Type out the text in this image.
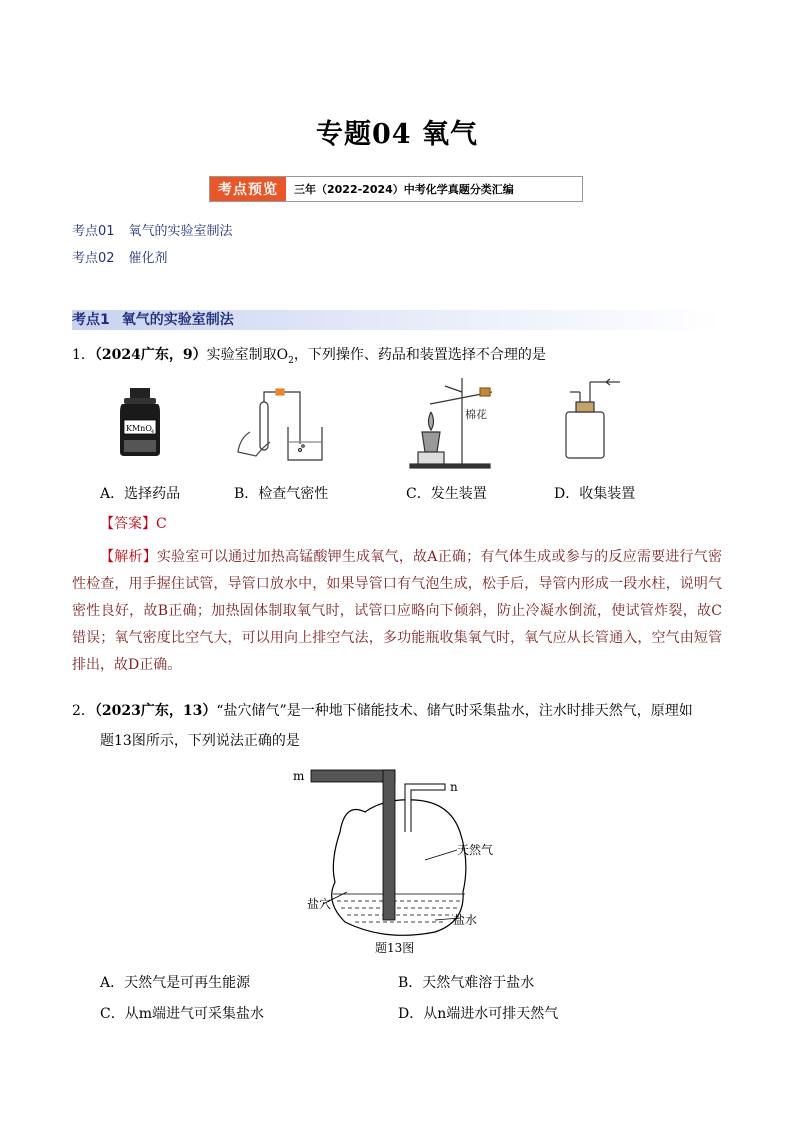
专题04 氧气
考点预览	三年（2022-2024）中考化学真题分类汇编
考点01 氧气的实验室制法
考点02 催化剂
考点1 氧气的实验室制法
1．（2024广东，9）实验室制取$O_2$，下列操作、药品和装置选择不合理的是
KMnO 4
棉花
A．选择药品	B．检查气密性	C．发生装置	D．收集装置
【答案】C
【解析】实验室可以通过加热高锰酸钾生成氧气，故A正确；有气体生成或参与的反应需要进行气密性检查，用手握住试管，导管口放水中，如果导管口有气泡生成，松手后，导管内形成一段水柱，说明气密性良好，故B正确；加热固体制取氧气时，试管口应略向下倾斜，防止冷凝水倒流，使试管炸裂，故C错误；氧气密度比空气大，可以用向上排空气法，多功能瓶收集氧气时，氧气应从长管通入，空气由短管排出，故D正确。
2．（2023广东，13）“盐穴储气”是一种地下储能技术、储气时采集盐水，注水时排天然气，原理如
题13图所示，下列说法正确的是
m
n
天然气
盐穴
盐水
题13图
A．天然气是可再生能源	B．天然气难溶于盐水
C．从m端进气可采集盐水	D．从n端进水可排天然气
